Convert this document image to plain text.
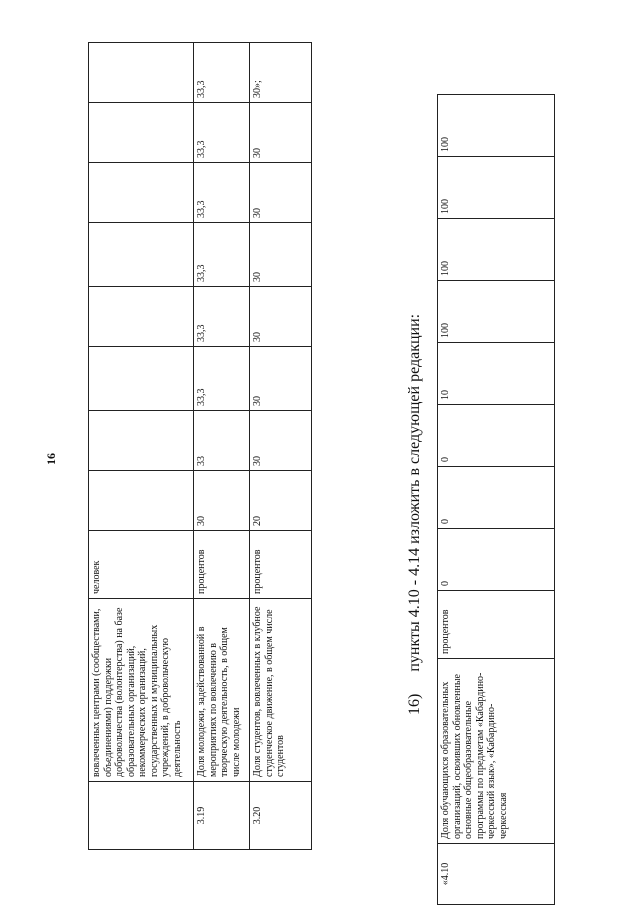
16
	вовлеченных центрами (сообществами, объединениями) поддержки добровольчества (волонтерства) на базе образовательных организаций, некоммерческих организаций, государственных и муниципальных учреждений, в добровольческую деятельность	человек								
3.19	Доля молодежи, задействованной в мероприятиях по вовлечению в творческую деятельность, в общем числе молодежи	процентов	30	33	33,3	33,3	33,3	33,3	33,3	33,3
3.20	Доля студентов, вовлеченных в клубное студенческое движение, в общем числе студентов	процентов	20	30	30	30	30	30	30	30»;
16)пункты 4.10 - 4.14 изложить в следующей редакции:
«4.10	Доля обучающихся образовательных организаций, освоивших обновленные основные общеобразовательные программы по предметам «Кабардино-черкесский язык», «Кабардино-черкесская	процентов	0	0	0	10	100	100	100	100
